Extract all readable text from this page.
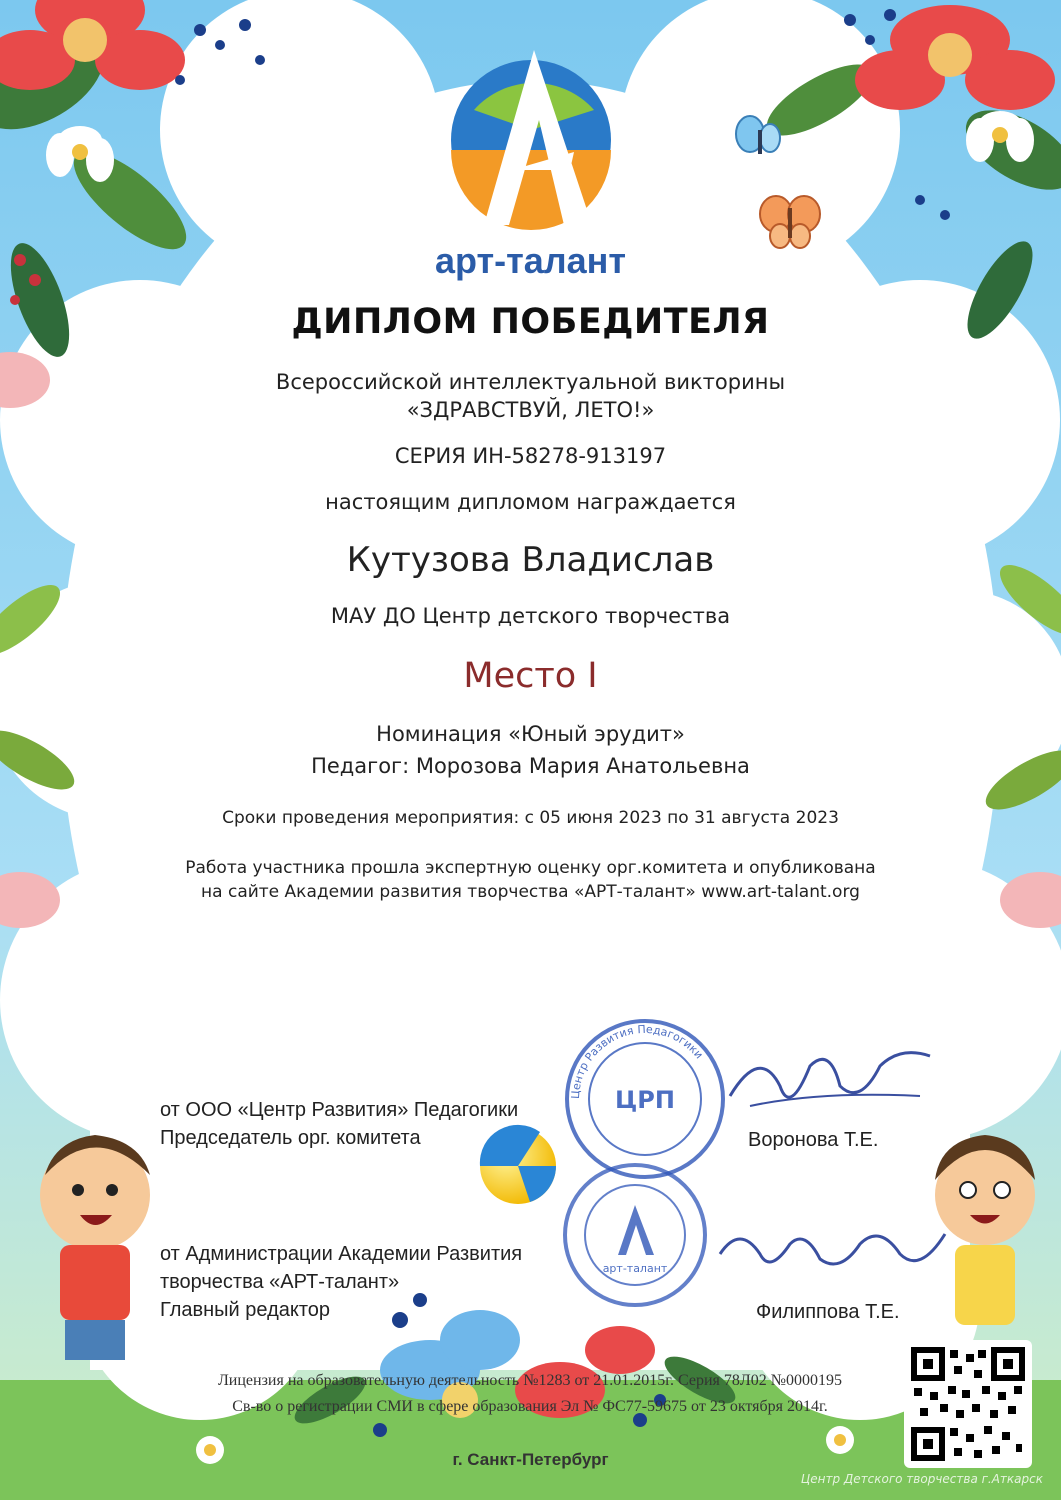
арт-талант
ДИПЛОМ ПОБЕДИТЕЛЯ
Всероссийской интеллектуальной викторины
«ЗДРАВСТВУЙ, ЛЕТО!»
СЕРИЯ ИН-58278-913197
настоящим дипломом награждается
Кутузова Владислав
МАУ ДО Центр детского творчества
Место I
Номинация «Юный эрудит»
Педагог: Морозова Мария Анатольевна
Сроки проведения мероприятия: с 05 июня 2023 по 31 августа 2023
Работа участника прошла экспертную оценку орг.комитета и опубликована
на сайте Академии развития творчества «АРТ-талант» www.art-talant.org
Центр Развития Педагогики
ЦРП
арт-талант
от ООО «Центр Развития» Педагогики
Председатель орг. комитета	Воронова Т.Е.
от Администрации Академии Развития
творчества «АРТ-талант»
Главный редактор	Филиппова Т.Е.
Лицензия на образовательную деятельность №1283 от 21.01.2015г. Серия 78Л02 №0000195
Св-во о регистрации СМИ в сфере образования Эл № ФС77-59675 от 23 октября 2014г.
г. Санкт-Петербург
Центр Детского творчества г.Аткарск
